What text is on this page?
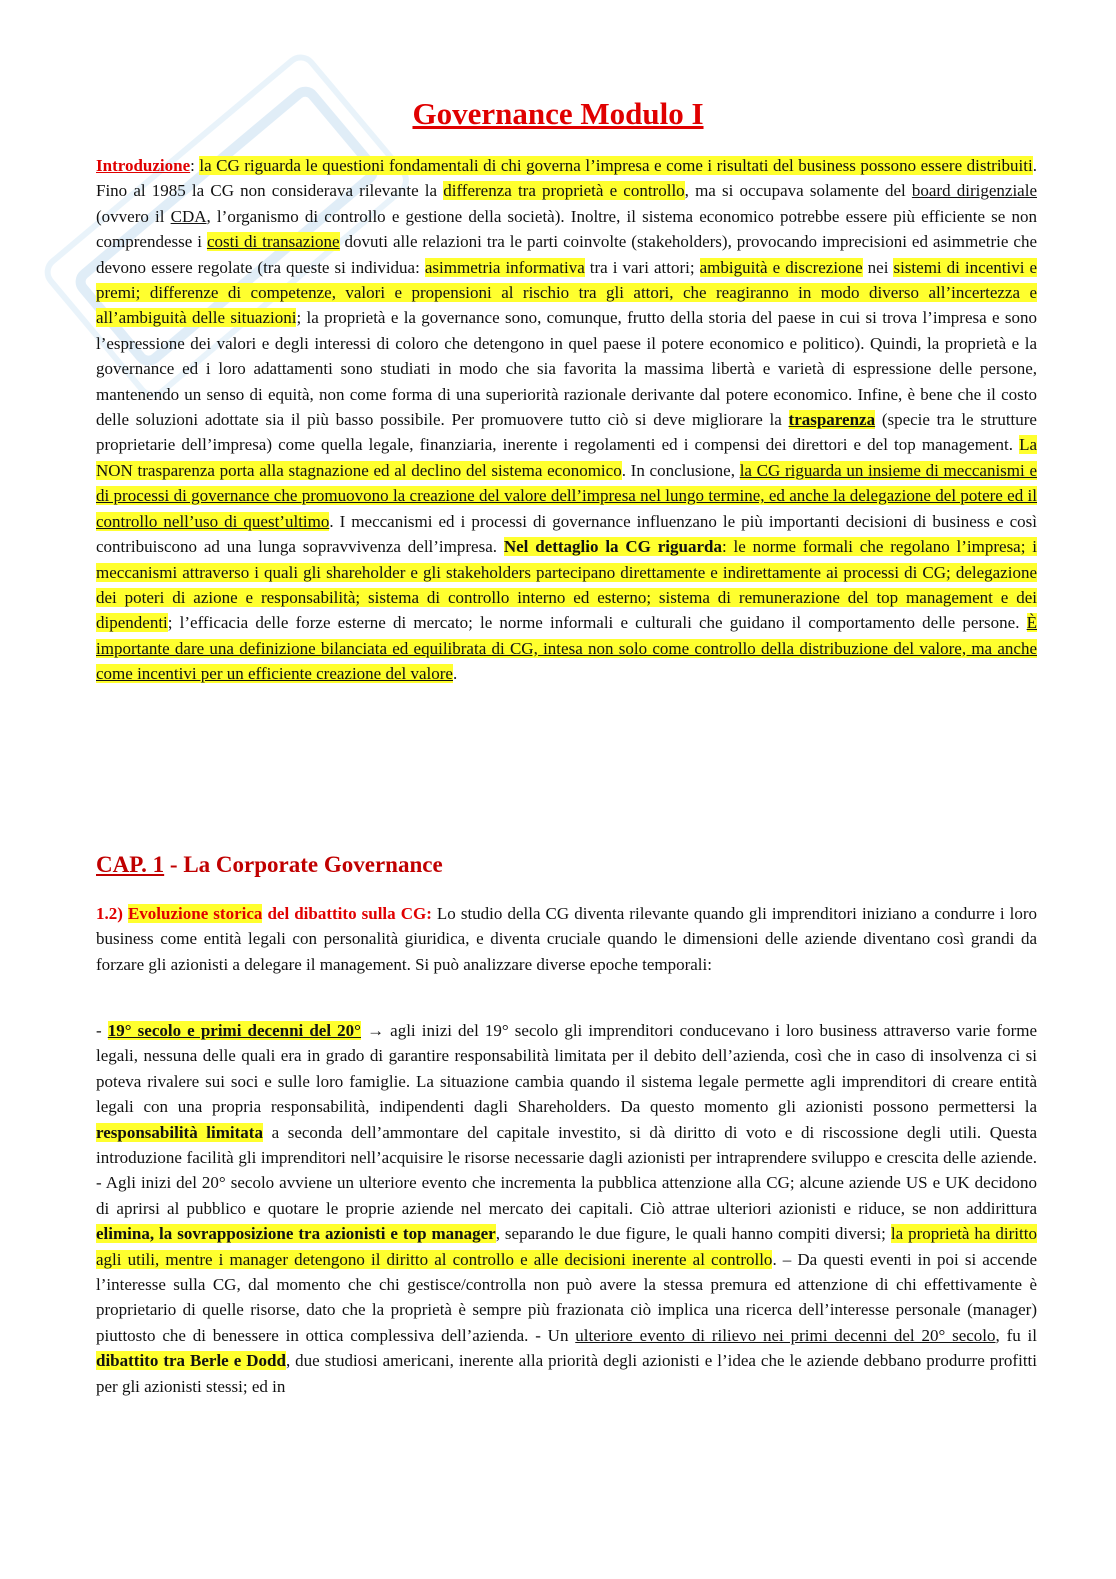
Governance Modulo I
Introduzione: la CG riguarda le questioni fondamentali di chi governa l’impresa e come i risultati del business possono essere distribuiti. Fino al 1985 la CG non considerava rilevante la differenza tra proprietà e controllo, ma si occupava solamente del board dirigenziale (ovvero il CDA, l’organismo di controllo e gestione della società). Inoltre, il sistema economico potrebbe essere più efficiente se non comprendesse i costi di transazione dovuti alle relazioni tra le parti coinvolte (stakeholders), provocando imprecisioni ed asimmetrie che devono essere regolate (tra queste si individua: asimmetria informativa tra i vari attori; ambiguità e discrezione nei sistemi di incentivi e premi; differenze di competenze, valori e propensioni al rischio tra gli attori, che reagiranno in modo diverso all’incertezza e all’ambiguità delle situazioni; la proprietà e la governance sono, comunque, frutto della storia del paese in cui si trova l’impresa e sono l’espressione dei valori e degli interessi di coloro che detengono in quel paese il potere economico e politico). Quindi, la proprietà e la governance ed i loro adattamenti sono studiati in modo che sia favorita la massima libertà e varietà di espressione delle persone, mantenendo un senso di equità, non come forma di una superiorità razionale derivante dal potere economico. Infine, è bene che il costo delle soluzioni adottate sia il più basso possibile. Per promuovere tutto ciò si deve migliorare la trasparenza (specie tra le strutture proprietarie dell’impresa) come quella legale, finanziaria, inerente i regolamenti ed i compensi dei direttori e del top management. La NON trasparenza porta alla stagnazione ed al declino del sistema economico. In conclusione, la CG riguarda un insieme di meccanismi e di processi di governance che promuovono la creazione del valore dell’impresa nel lungo termine, ed anche la delegazione del potere ed il controllo nell’uso di quest’ultimo. I meccanismi ed i processi di governance influenzano le più importanti decisioni di business e così contribuiscono ad una lunga sopravvivenza dell’impresa. Nel dettaglio la CG riguarda: le norme formali che regolano l’impresa; i meccanismi attraverso i quali gli shareholder e gli stakeholders partecipano direttamente e indirettamente ai processi di CG; delegazione dei poteri di azione e responsabilità; sistema di controllo interno ed esterno; sistema di remunerazione del top management e dei dipendenti; l’efficacia delle forze esterne di mercato; le norme informali e culturali che guidano il comportamento delle persone. È importante dare una definizione bilanciata ed equilibrata di CG, intesa non solo come controllo della distribuzione del valore, ma anche come incentivi per un efficiente creazione del valore.
CAP. 1 - La Corporate Governance
1.2) Evoluzione storica del dibattito sulla CG: Lo studio della CG diventa rilevante quando gli imprenditori iniziano a condurre i loro business come entità legali con personalità giuridica, e diventa cruciale quando le dimensioni delle aziende diventano così grandi da forzare gli azionisti a delegare il management. Si può analizzare diverse epoche temporali:
- 19° secolo e primi decenni del 20° → agli inizi del 19° secolo gli imprenditori conducevano i loro business attraverso varie forme legali, nessuna delle quali era in grado di garantire responsabilità limitata per il debito dell’azienda, così che in caso di insolvenza ci si poteva rivalere sui soci e sulle loro famiglie. La situazione cambia quando il sistema legale permette agli imprenditori di creare entità legali con una propria responsabilità, indipendenti dagli Shareholders. Da questo momento gli azionisti possono permettersi la responsabilità limitata a seconda dell’ammontare del capitale investito, si dà diritto di voto e di riscossione degli utili. Questa introduzione facilità gli imprenditori nell’acquisire le risorse necessarie dagli azionisti per intraprendere sviluppo e crescita delle aziende. - Agli inizi del 20° secolo avviene un ulteriore evento che incrementa la pubblica attenzione alla CG; alcune aziende US e UK decidono di aprirsi al pubblico e quotare le proprie aziende nel mercato dei capitali. Ciò attrae ulteriori azionisti e riduce, se non addirittura elimina, la sovrapposizione tra azionisti e top manager, separando le due figure, le quali hanno compiti diversi; la proprietà ha diritto agli utili, mentre i manager detengono il diritto al controllo e alle decisioni inerente al controllo. – Da questi eventi in poi si accende l’interesse sulla CG, dal momento che chi gestisce/controlla non può avere la stessa premura ed attenzione di chi effettivamente è proprietario di quelle risorse, dato che la proprietà è sempre più frazionata ciò implica una ricerca dell’interesse personale (manager) piuttosto che di benessere in ottica complessiva dell’azienda. - Un ulteriore evento di rilievo nei primi decenni del 20° secolo, fu il dibattito tra Berle e Dodd, due studiosi americani, inerente alla priorità degli azionisti e l’idea che le aziende debbano produrre profitti per gli azionisti stessi; ed in
